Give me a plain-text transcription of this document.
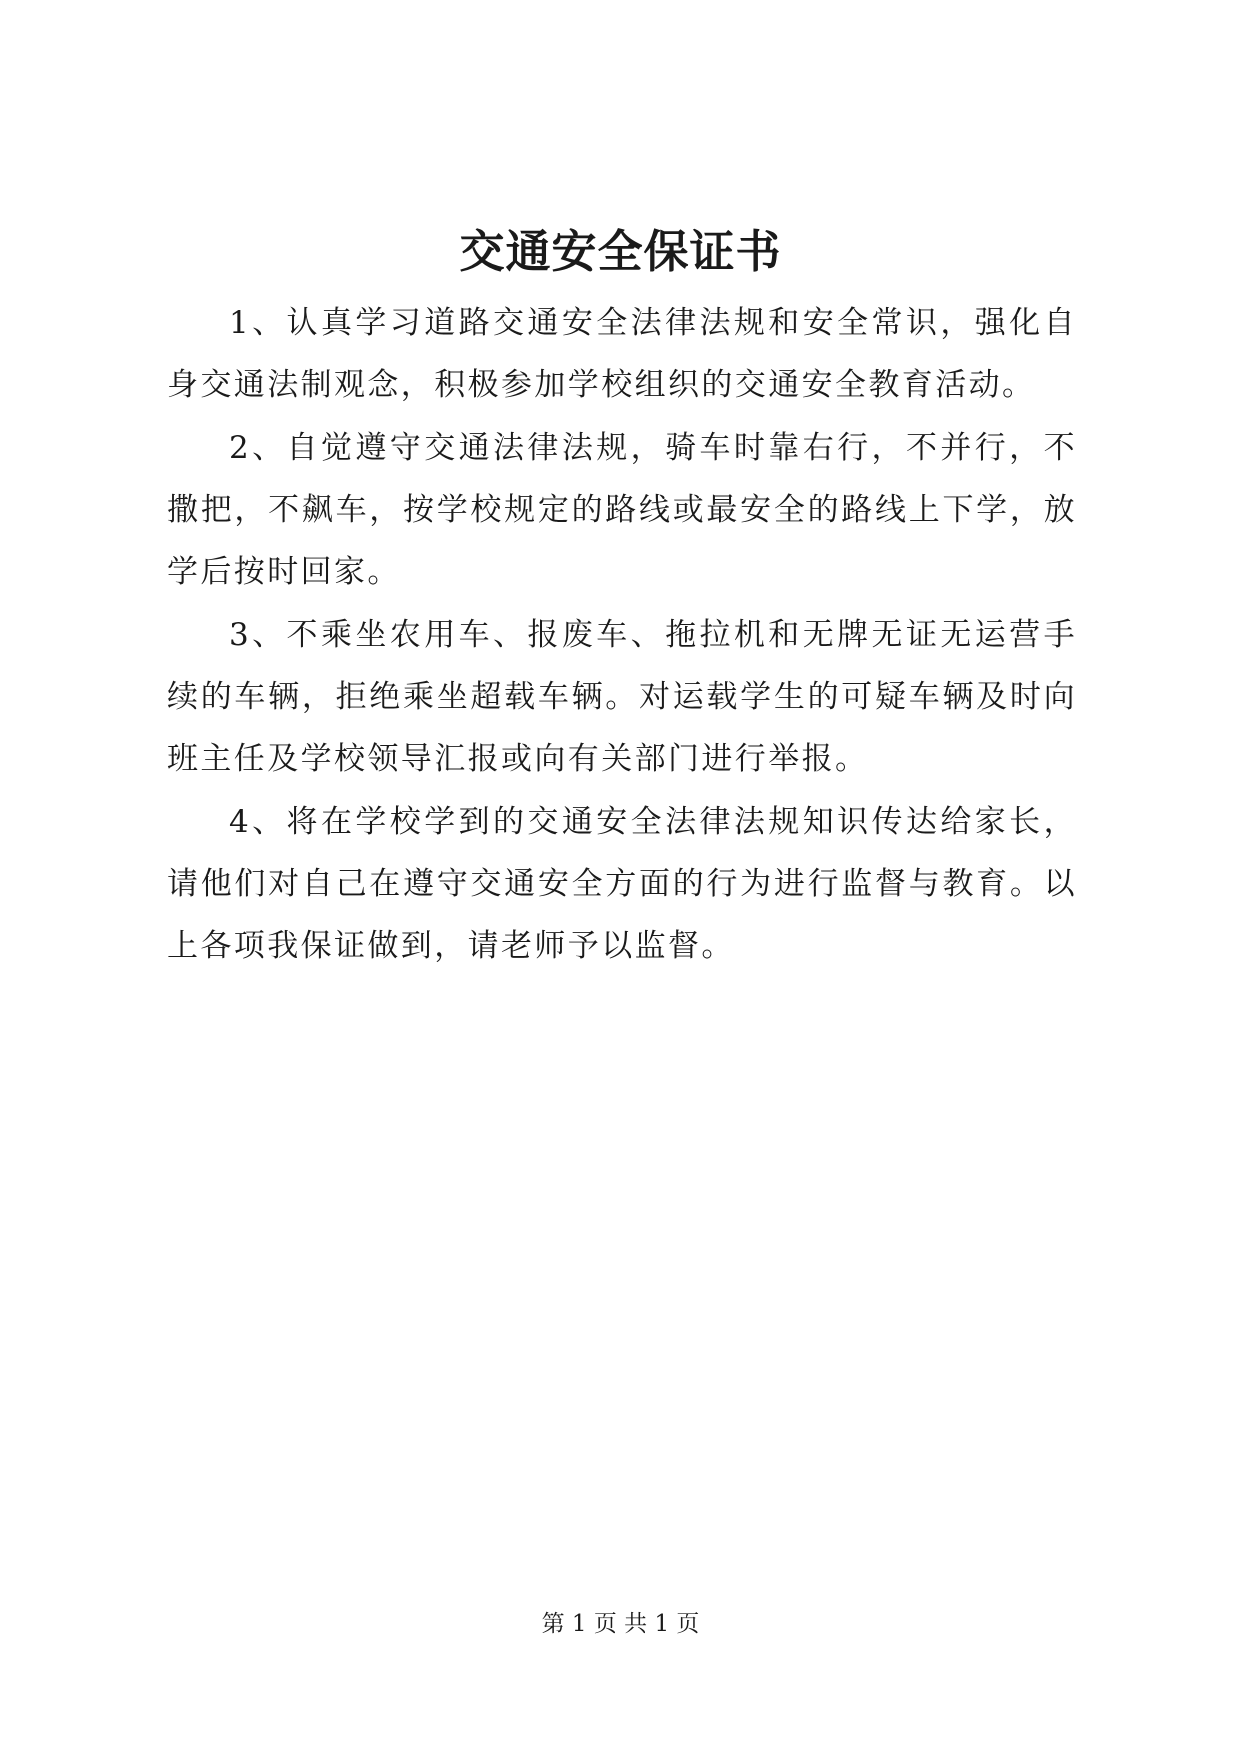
交通安全保证书

1、认真学习道路交通安全法律法规和安全常识，强化自身交通法制观念，积极参加学校组织的交通安全教育活动。

2、自觉遵守交通法律法规，骑车时靠右行，不并行，不撒把，不飙车，按学校规定的路线或最安全的路线上下学，放学后按时回家。

3、不乘坐农用车、报废车、拖拉机和无牌无证无运营手续的车辆，拒绝乘坐超载车辆。对运载学生的可疑车辆及时向班主任及学校领导汇报或向有关部门进行举报。

4、将在学校学到的交通安全法律法规知识传达给家长，请他们对自己在遵守交通安全方面的行为进行监督与教育。以上各项我保证做到，请老师予以监督。

第 1 页 共 1 页
